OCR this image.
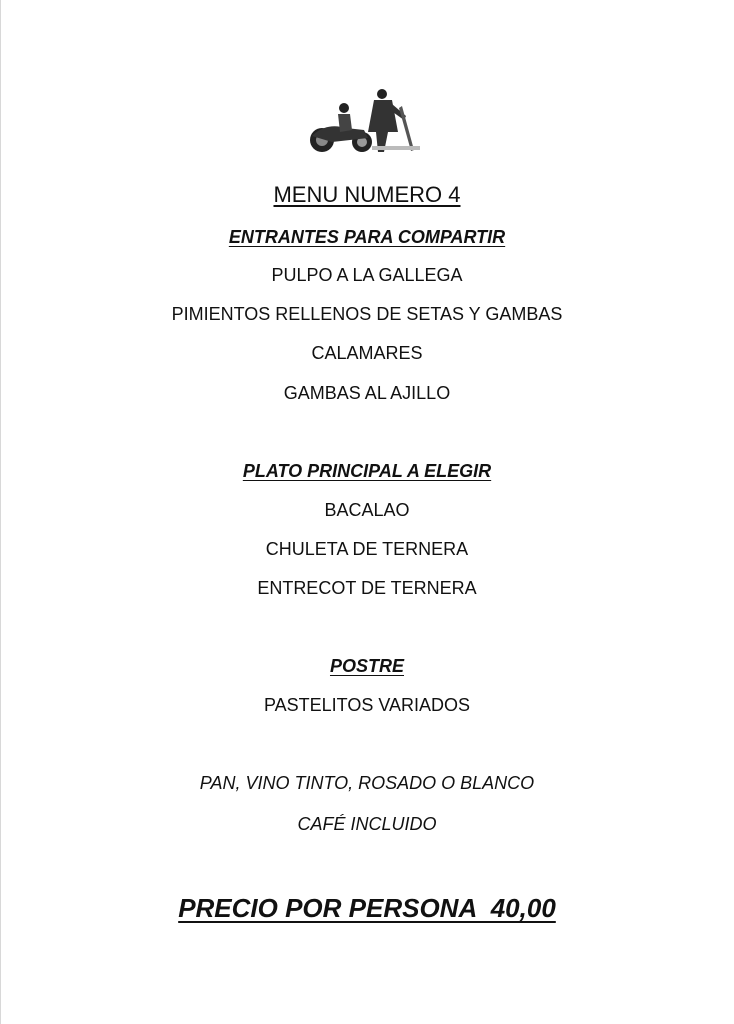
MENU NUMERO 4
ENTRANTES PARA COMPARTIR
PULPO A LA GALLEGA
PIMIENTOS RELLENOS DE SETAS Y GAMBAS
CALAMARES
GAMBAS AL AJILLO
PLATO PRINCIPAL A ELEGIR
BACALAO
CHULETA DE TERNERA
ENTRECOT DE TERNERA
POSTRE
PASTELITOS VARIADOS
PAN, VINO TINTO, ROSADO O BLANCO
CAFÉ INCLUIDO
PRECIO POR PERSONA  40,00
